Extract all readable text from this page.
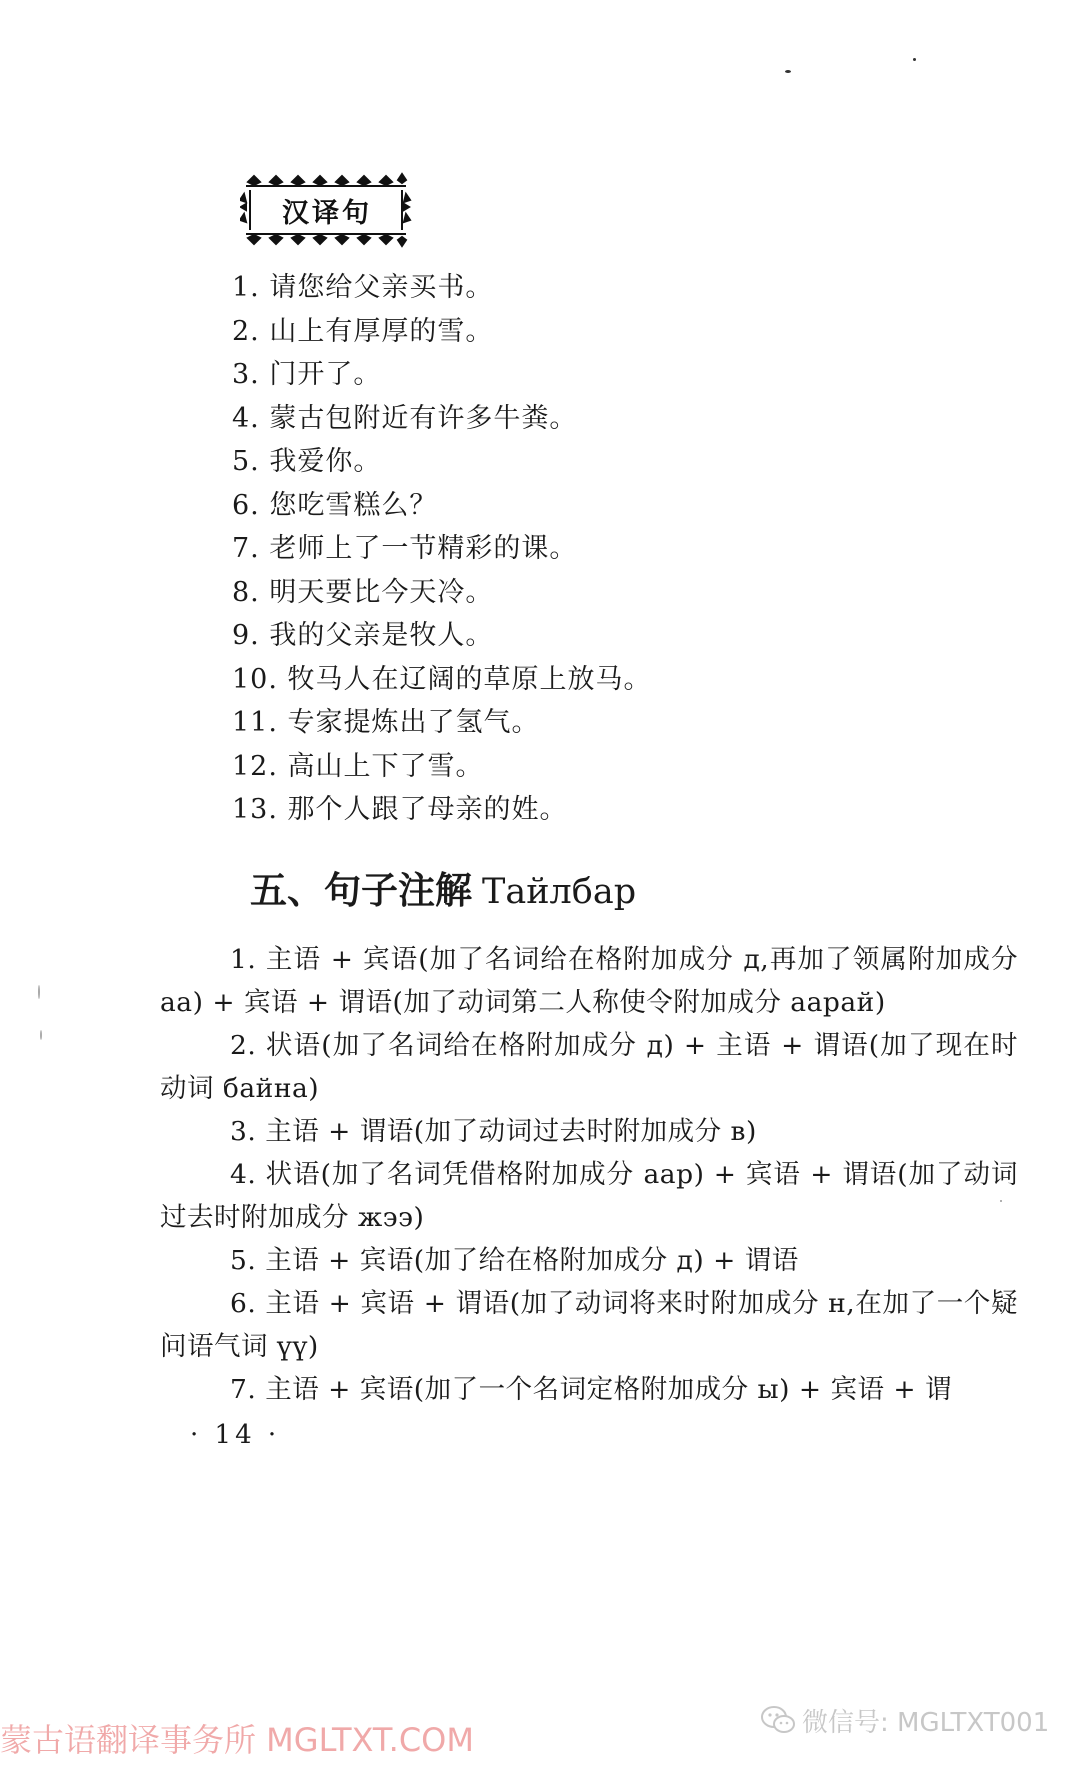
汉译句
1. 请您给父亲买书。
2. 山上有厚厚的雪。
3. 门开了。
4. 蒙古包附近有许多牛粪。
5. 我爱你。
6. 您吃雪糕么？
7. 老师上了一节精彩的课。
8. 明天要比今天冷。
9. 我的父亲是牧人。
10. 牧马人在辽阔的草原上放马。
11. 专家提炼出了氢气。
12. 高山上下了雪。
13. 那个人跟了母亲的姓。
五、句子注解 Тайлбар

1. 主语 + 宾语(加了名词给在格附加成分 д,再加了领属附加成分 аа) + 宾语 + 谓语(加了动词第二人称使令附加成分 аарай)

2. 状语(加了名词给在格附加成分 д) + 主语 + 谓语(加了现在时动词 байна)

3. 主语 + 谓语(加了动词过去时附加成分 в)

4. 状语(加了名词凭借格附加成分 аар) + 宾语 + 谓语(加了动词过去时附加成分 жээ)

5. 主语 + 宾语(加了给在格附加成分 д) + 谓语

6. 主语 + 宾语 + 谓语(加了动词将来时附加成分 н,在加了一个疑问语气词 үү)

7. 主语 + 宾语(加了一个名词定格附加成分 ы) + 宾语 + 谓

· 14 ·
蒙古语翻译事务所 MGLTXT.COM	微信号: MGLTXT001
